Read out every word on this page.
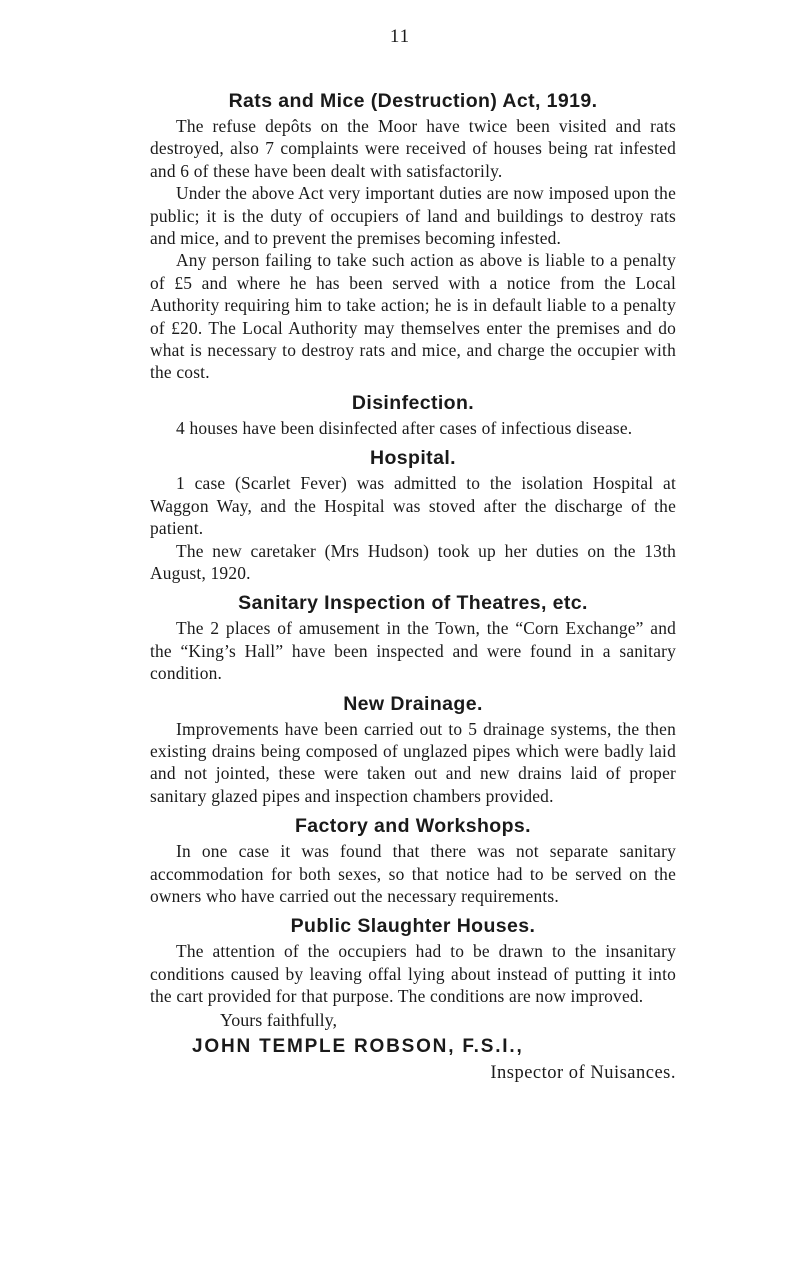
11
Rats and Mice (Destruction) Act, 1919.

The refuse depôts on the Moor have twice been visited and rats destroyed, also 7 complaints were received of houses being rat infested and 6 of these have been dealt with satisfactorily.

Under the above Act very important duties are now imposed upon the public; it is the duty of occupiers of land and buildings to destroy rats and mice, and to prevent the premises becoming infested.

Any person failing to take such action as above is liable to a penalty of £5 and where he has been served with a notice from the Local Authority requiring him to take action; he is in default liable to a penalty of £20. The Local Authority may themselves enter the premises and do what is necessary to destroy rats and mice, and charge the occupier with the cost.

Disinfection.

4 houses have been disinfected after cases of infectious disease.

Hospital.

1 case (Scarlet Fever) was admitted to the isolation Hospital at Waggon Way, and the Hospital was stoved after the discharge of the patient.

The new caretaker (Mrs Hudson) took up her duties on the 13th August, 1920.

Sanitary Inspection of Theatres, etc.

The 2 places of amusement in the Town, the “Corn Exchange” and the “King’s Hall” have been inspected and were found in a sanitary condition.

New Drainage.

Improvements have been carried out to 5 drainage systems, the then existing drains being composed of unglazed pipes which were badly laid and not jointed, these were taken out and new drains laid of proper sanitary glazed pipes and inspection chambers provided.

Factory and Workshops.

In one case it was found that there was not separate sanitary accommodation for both sexes, so that notice had to be served on the owners who have carried out the necessary requirements.

Public Slaughter Houses.

The attention of the occupiers had to be drawn to the insanitary conditions caused by leaving offal lying about instead of putting it into the cart provided for that purpose. The conditions are now improved.

Yours faithfully,

JOHN TEMPLE ROBSON, F.S.I.,

Inspector of Nuisances.
